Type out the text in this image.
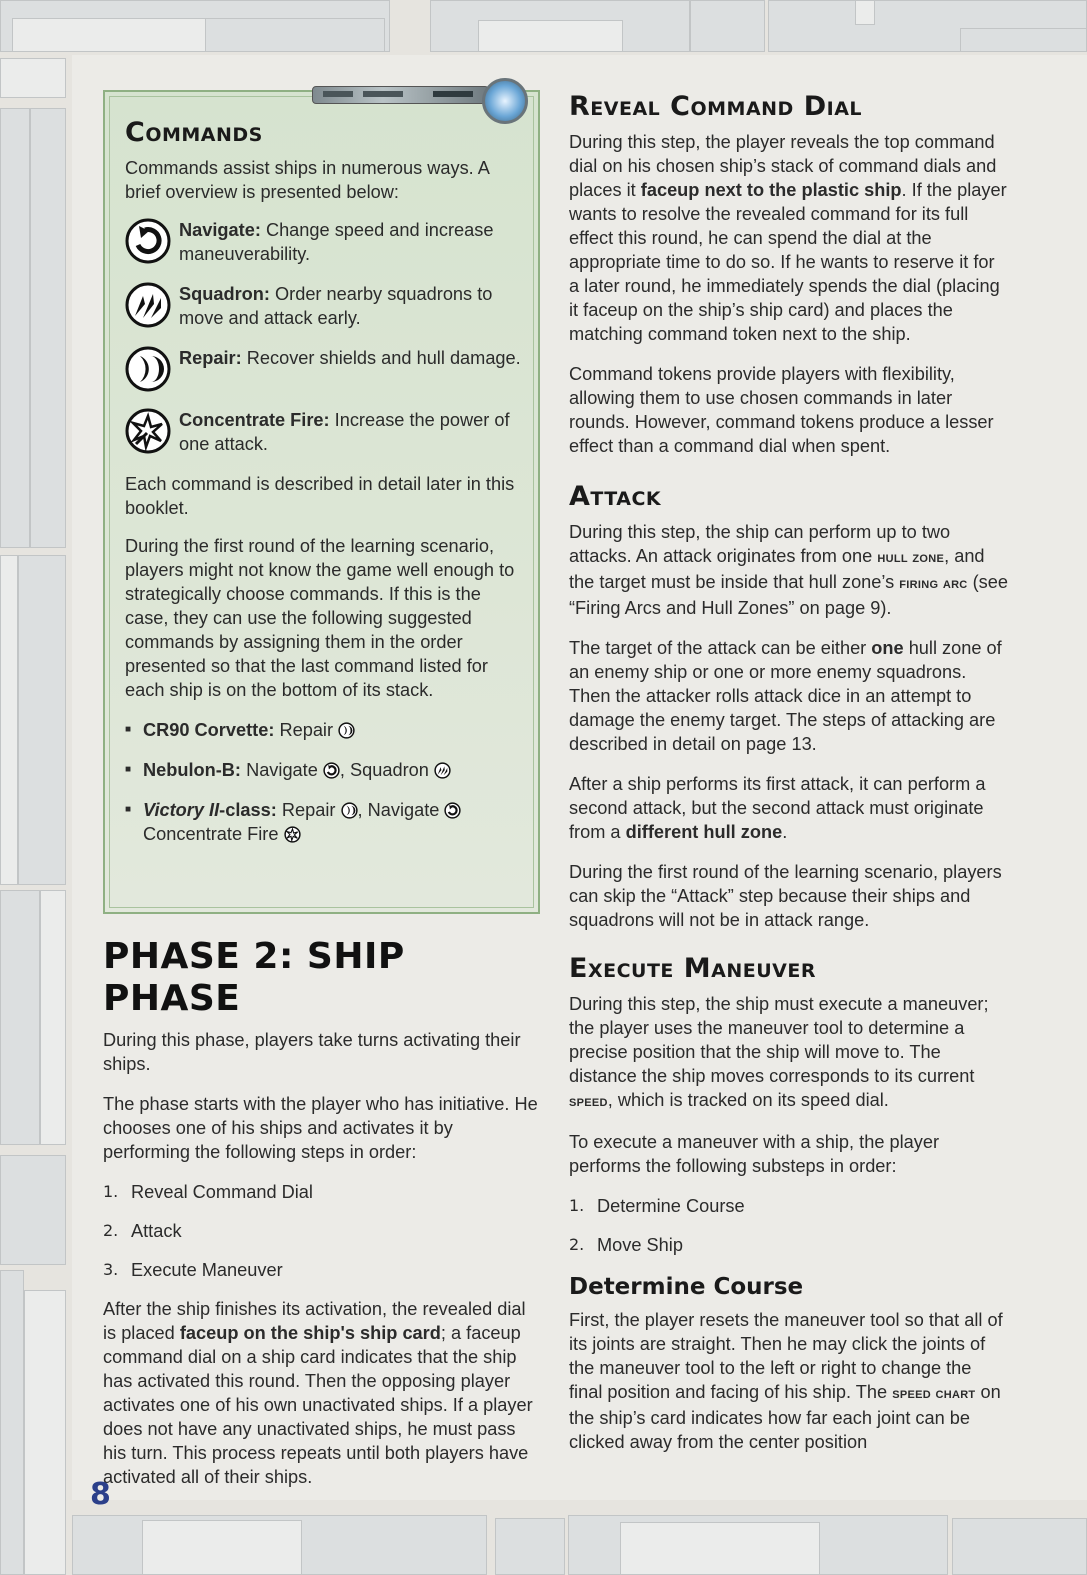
Commands

Commands assist ships in numerous ways. A brief overview is presented below:

Navigate: Change speed and increase maneuverability.
Squadron: Order nearby squadrons to move and attack early.
Repair: Recover shields and hull damage.
Concentrate Fire: Increase the power of one attack.

Each command is described in detail later in this booklet.

During the first round of the learning scenario, players might not know the game well enough to strategically choose commands. If this is the case, they can use the following suggested commands by assigning them in the order presented so that the last command listed for each ship is on the bottom of its stack.

■ CR90 Corvette: Repair
■ Nebulon-B: Navigate , Squadron
■ Victory II-class: Repair , Navigate
Concentrate Fire
PHASE 2: SHIP PHASE

During this phase, players take turns activating their ships.

The phase starts with the player who has initiative. He chooses one of his ships and activates it by performing the following steps in order:

1. Reveal Command Dial
2. Attack
3. Execute Maneuver

After the ship finishes its activation, the revealed dial is placed faceup on the ship's ship card; a faceup command dial on a ship card indicates that the ship has activated this round. Then the opposing player activates one of his own unactivated ships. If a player does not have any unactivated ships, he must pass his turn. This process repeats until both players have activated all of their ships.

Reveal Command Dial

During this step, the player reveals the top command dial on his chosen ship’s stack of command dials and places it faceup next to the plastic ship. If the player wants to resolve the revealed command for its full effect this round, he can spend the dial at the appropriate time to do so. If he wants to reserve it for a later round, he immediately spends the dial (placing it faceup on the ship’s ship card) and places the matching command token next to the ship.

Command tokens provide players with flexibility, allowing them to use chosen commands in later rounds. However, command tokens produce a lesser effect than a command dial when spent.

Attack

During this step, the ship can perform up to two attacks. An attack originates from one hull zone, and the target must be inside that hull zone’s firing arc (see “Firing Arcs and Hull Zones” on page 9).

The target of the attack can be either one hull zone of an enemy ship or one or more enemy squadrons. Then the attacker rolls attack dice in an attempt to damage the enemy target. The steps of attacking are described in detail on page 13.

After a ship performs its first attack, it can perform a second attack, but the second attack must originate from a different hull zone.

During the first round of the learning scenario, players can skip the “Attack” step because their ships and squadrons will not be in attack range.

Execute Maneuver

During this step, the ship must execute a maneuver; the player uses the maneuver tool to determine a precise position that the ship will move to. The distance the ship moves corresponds to its current speed, which is tracked on its speed dial.

To execute a maneuver with a ship, the player performs the following substeps in order:

1. Determine Course
2. Move Ship
Determine Course

First, the player resets the maneuver tool so that all of its joints are straight. Then he may click the joints of the maneuver tool to the left or right to change the final position and facing of his ship. The speed chart on the ship’s card indicates how far each joint can be clicked away from the center position

8
